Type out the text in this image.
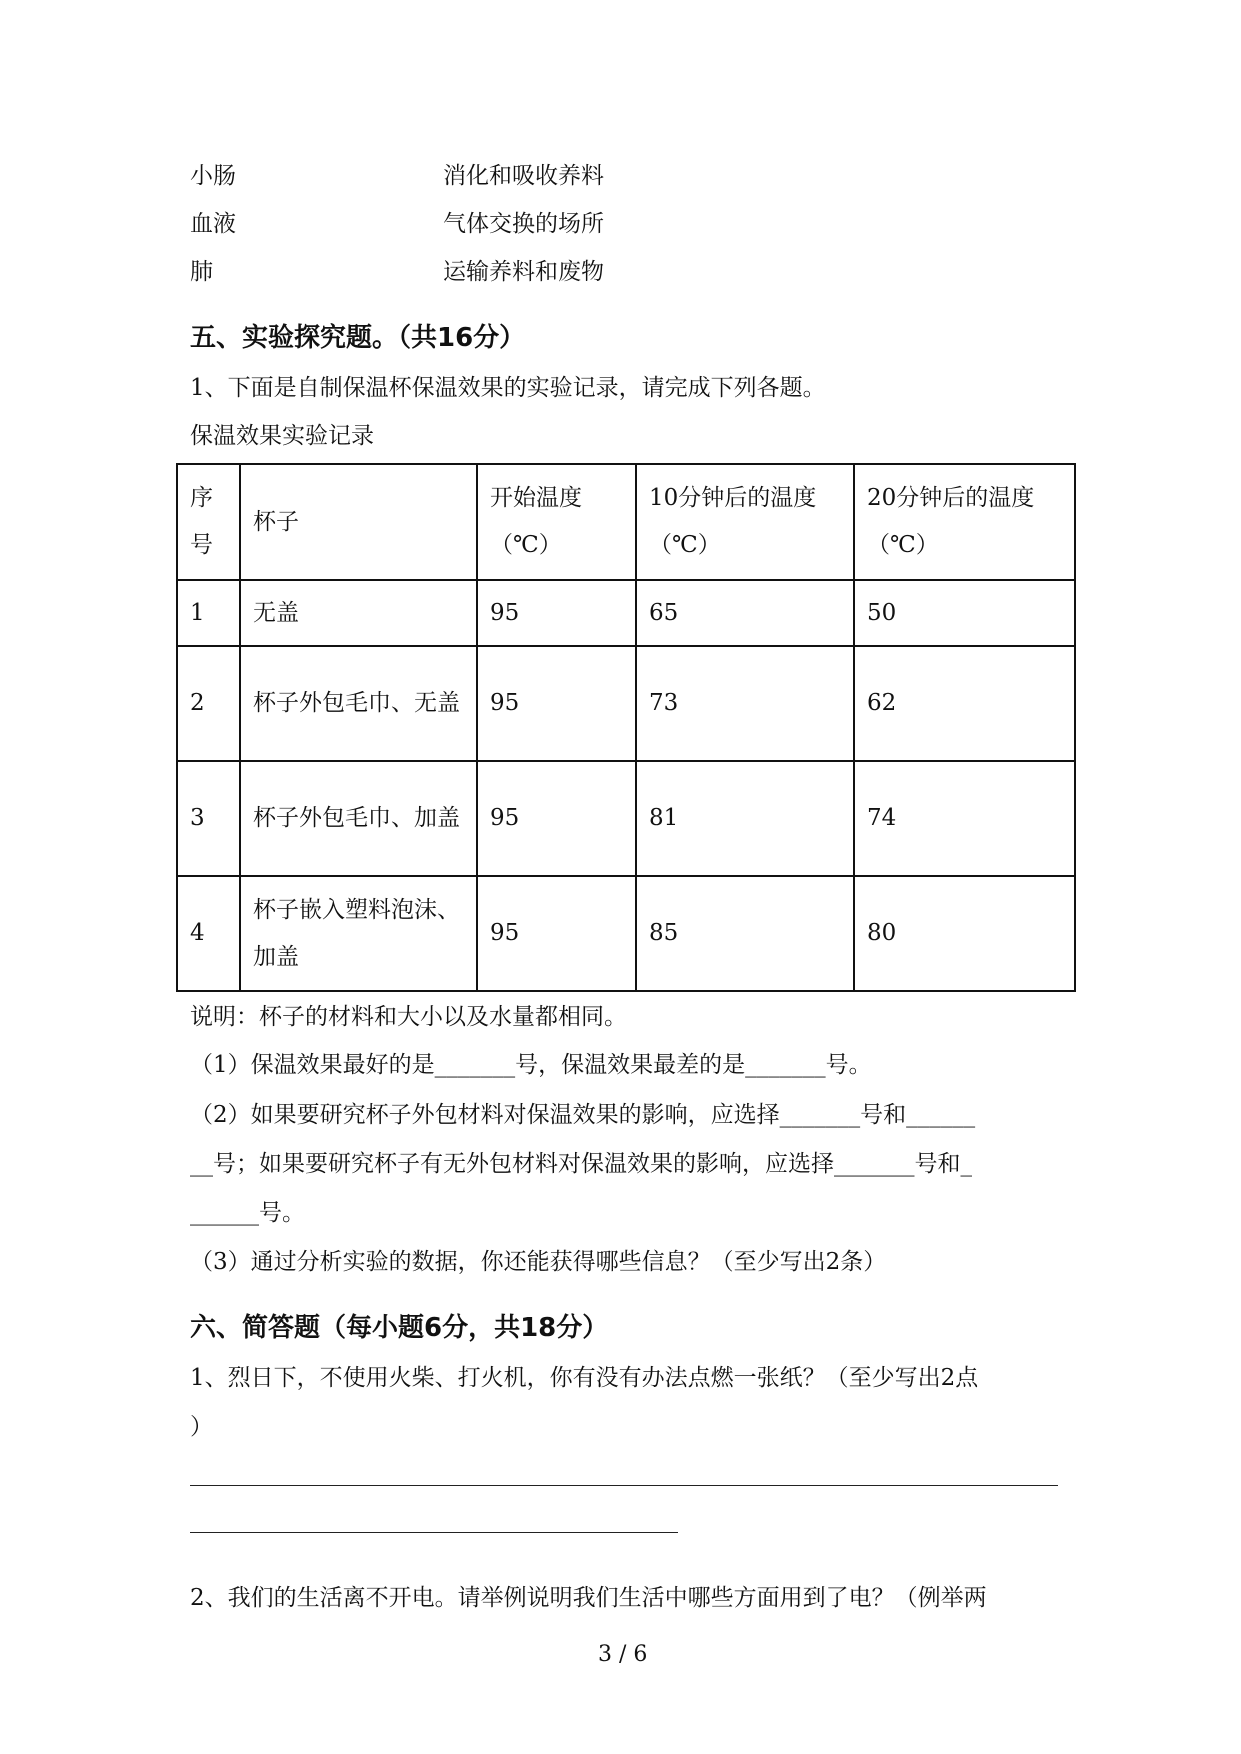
小肠	消化和吸收养料
血液	气体交换的场所
肺	运输养料和废物
五、实验探究题。（共16分）
1、下面是自制保温杯保温效果的实验记录，请完成下列各题。
保温效果实验记录
序号	杯子	开始温度（℃）	10分钟后的温度（℃）	20分钟后的温度（℃）

1	无盖	95	65	50
2	杯子外包毛巾、无盖	95	73	62
3	杯子外包毛巾、加盖	95	81	74
4	杯子嵌入塑料泡沫、加盖	95	85	80
说明：杯子的材料和大小以及水量都相同。
（1）保温效果最好的是_______号，保温效果最差的是_______号。
（2）如果要研究杯子外包材料对保温效果的影响，应选择_______号和______
__号；如果要研究杯子有无外包材料对保温效果的影响，应选择_______号和_
______号。
（3）通过分析实验的数据，你还能获得哪些信息？（至少写出2条）
六、简答题（每小题6分，共18分）
1、烈日下，不使用火柴、打火机，你有没有办法点燃一张纸？（至少写出2点
）
2、我们的生活离不开电。请举例说明我们生活中哪些方面用到了电？（例举两
3 / 6
